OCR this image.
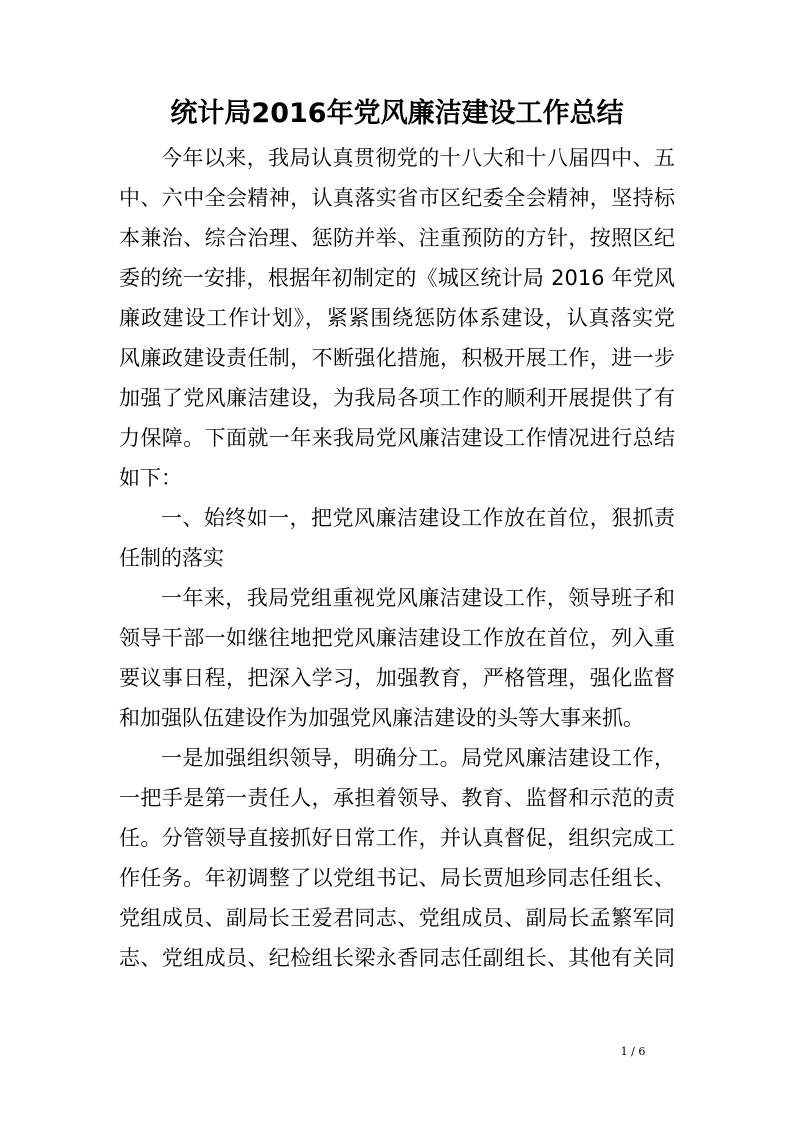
统计局2016年党风廉洁建设工作总结
今年以来，我局认真贯彻党的十八大和十八届四中、五
中、六中全会精神，认真落实省市区纪委全会精神，坚持标
本兼治、综合治理、惩防并举、注重预防的方针，按照区纪
委的统一安排，根据年初制定的《城区统计局 2016 年党风
廉政建设工作计划》，紧紧围绕惩防体系建设，认真落实党
风廉政建设责任制，不断强化措施，积极开展工作，进一步
加强了党风廉洁建设，为我局各项工作的顺利开展提供了有
力保障。下面就一年来我局党风廉洁建设工作情况进行总结
如下：
一、始终如一，把党风廉洁建设工作放在首位，狠抓责
任制的落实
一年来，我局党组重视党风廉洁建设工作，领导班子和
领导干部一如继往地把党风廉洁建设工作放在首位，列入重
要议事日程，把深入学习，加强教育，严格管理，强化监督
和加强队伍建设作为加强党风廉洁建设的头等大事来抓。
一是加强组织领导，明确分工。局党风廉洁建设工作，
一把手是第一责任人，承担着领导、教育、监督和示范的责
任。分管领导直接抓好日常工作，并认真督促，组织完成工
作任务。年初调整了以党组书记、局长贾旭珍同志任组长、
党组成员、副局长王爱君同志、党组成员、副局长孟繁军同
志、党组成员、纪检组长梁永香同志任副组长、其他有关同
1 / 6
